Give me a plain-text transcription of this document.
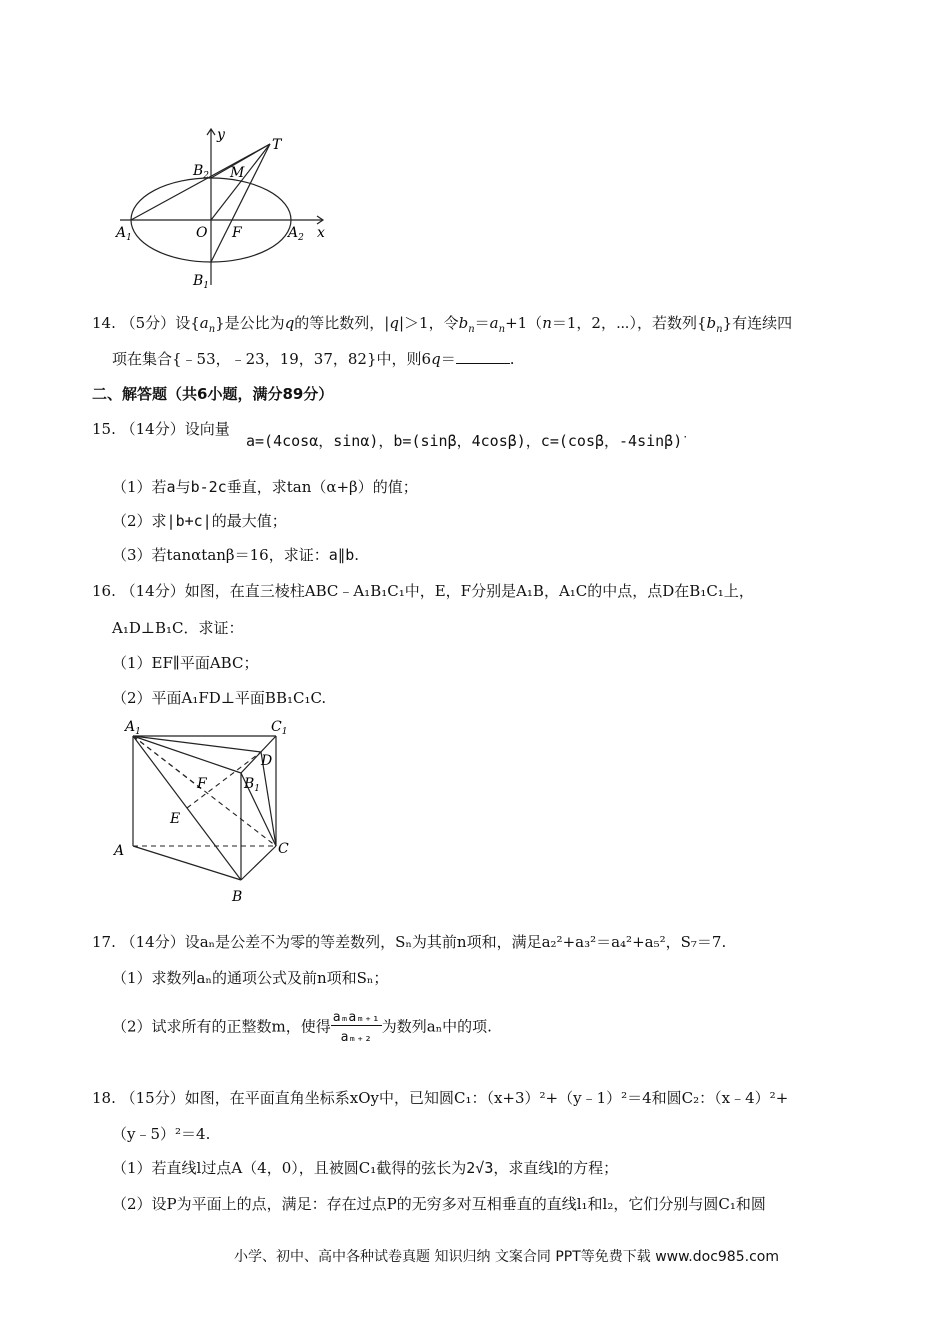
y
T
M
$B_2$
$A_1$	O F	$A_2$ x
$B_1$
14. （5分）设$\{a_n\}$是公比为q的等比数列，|q|＞1，令$b_n=a_n+1(n=1$，2，⋯），若数列$\{b_n\}$有连续四
项在集合{﹣53，﹣23，19，37，82}中，则6q＝	.
二、解答题（共6小题，满分89分）
15. （14分）设向量
a=(4cosα，sinα)，b=(sinβ，4cosβ)，c=(cosβ，-4sinβ)·
（1）若a与b-2c垂直，求tan（α+β）的值；
（2）求|b+c|的最大值；
（3）若tanαtanβ＝16，求证：a∥b.
16. （14分）如图，在直三棱柱ABC﹣A₁B₁C₁中，E，F分别是A₁B，A₁C的中点，点D在B₁C₁上，
A₁D⊥B₁C．求证：
（1）EF∥平面ABC；
（2）平面A₁FD⊥平面BB₁C₁C.
$A_1$	$C_1$
D
F	$B_1$
E
A	C
B
17. （14分）设aₙ是公差不为零的等差数列，Sₙ为其前n项和，满足a₂²+a₃²＝a₄²+a₅²，S₇＝7.
（1）求数列aₙ的通项公式及前n项和Sₙ；
（2）试求所有的正整数m，使得 $\frac{\text{aₘaₘ₊₁}}{\text{aₘ₊₂}}$ 为数列aₙ中的项.
18. （15分）如图，在平面直角坐标系xOy中，已知圆C₁：（x+3）²+（y﹣1）²＝4和圆C₂：（x﹣4）²+
（y﹣5）²＝4.
（1）若直线l过点A（4，0），且被圆C₁截得的弦长为2√3，求直线l的方程；
（2）设P为平面上的点，满足：存在过点P的无穷多对互相垂直的直线l₁和l₂，它们分别与圆C₁和圆
小学、初中、高中各种试卷真题 知识归纳 文案合同 PPT等免费下载 www.doc985.com
